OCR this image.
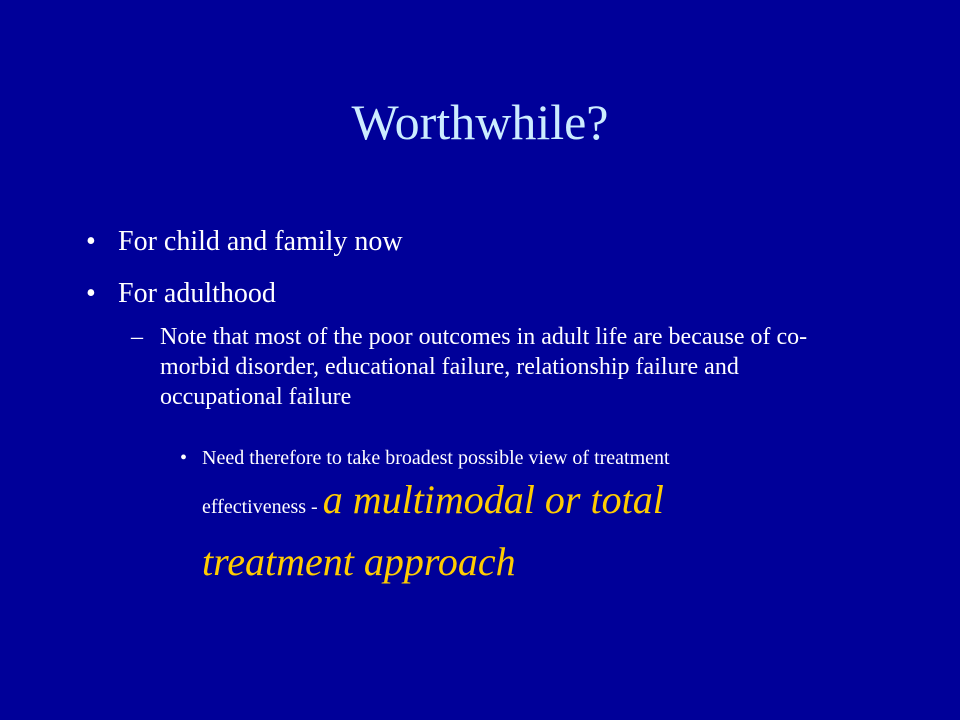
Worthwhile?
• For child and family now
• For adulthood
– Note that most of the poor outcomes in adult life are because of co-morbid disorder, educational failure, relationship failure and occupational failure
• Need therefore to take broadest possible view of treatment
effectiveness - a multimodal or total
treatment approach
